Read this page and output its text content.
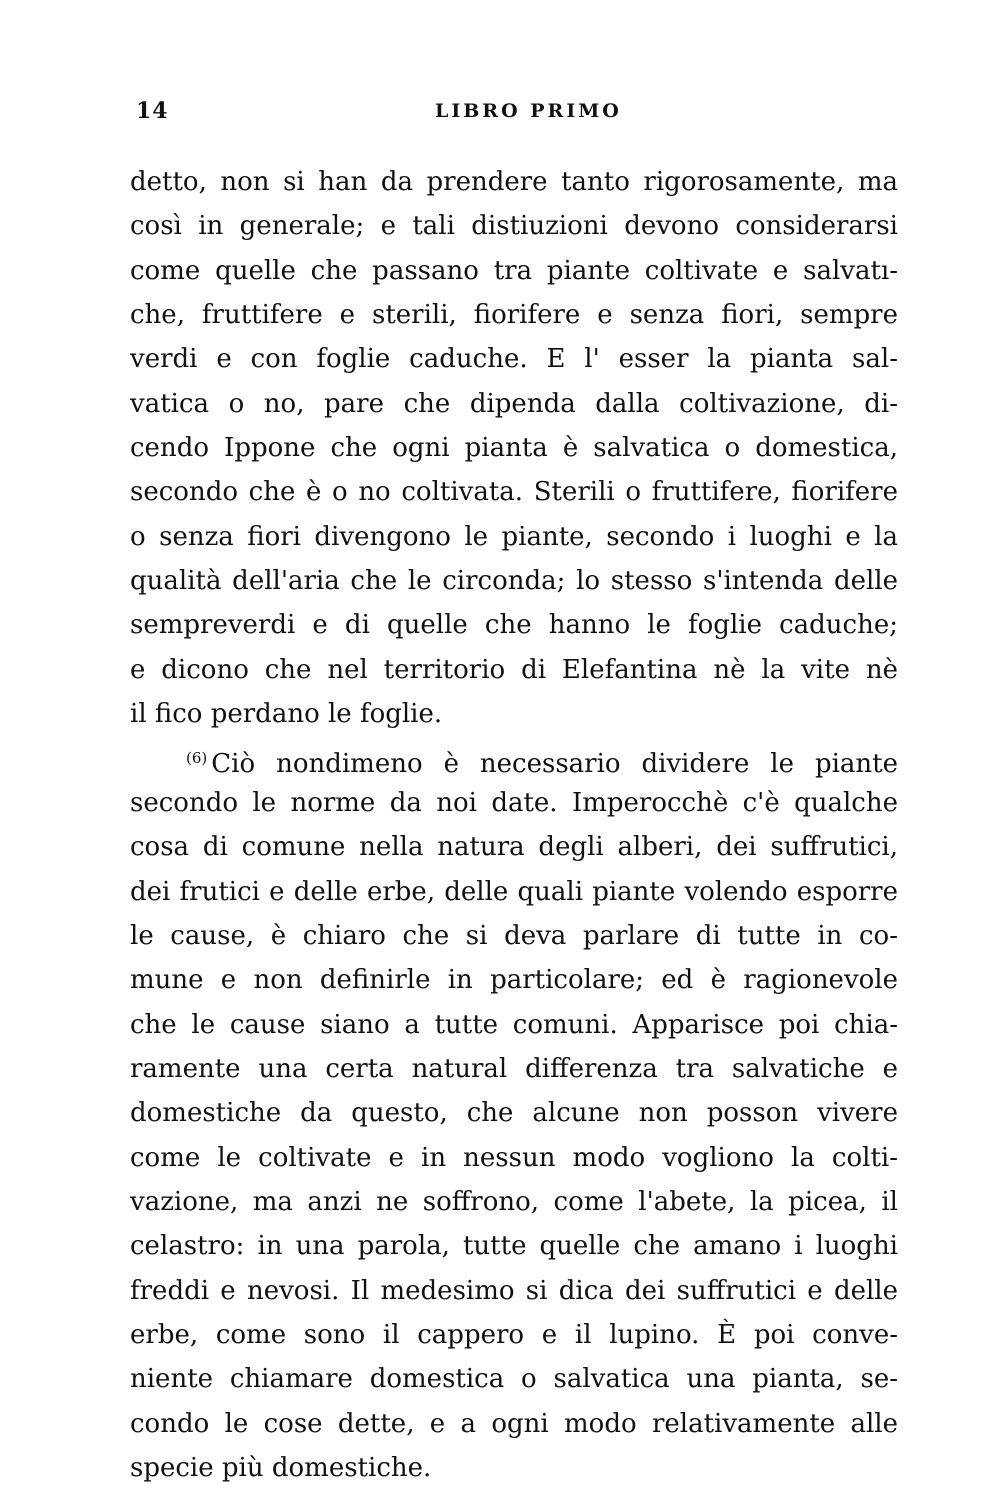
14	LIBRO PRIMO
detto, non si han da prendere tanto rigorosamente, ma
così in generale; e tali distiuzioni devono considerarsi
come quelle che passano tra piante coltivate e salvatı-
che, fruttifere e sterili, fiorifere e senza fiori, sempre
verdi e con foglie caduche. E l' esser la pianta sal-
vatica o no, pare che dipenda dalla coltivazione, di-
cendo Ippone che ogni pianta è salvatica o domestica,
secondo che è o no coltivata. Sterili o fruttifere, fiorifere
o senza fiori divengono le piante, secondo i luoghi e la
qualità dell'aria che le circonda; lo stesso s'intenda delle
sempreverdi e di quelle che hanno le foglie caduche;
e dicono che nel territorio di Elefantina nè la vite nè
il fico perdano le foglie.
$^{(6)}$ Ciò nondimeno è necessario dividere le piante
secondo le norme da noi date. Imperocchè c'è qualche
cosa di comune nella natura degli alberi, dei suffrutici,
dei frutici e delle erbe, delle quali piante volendo esporre
le cause, è chiaro che si deva parlare di tutte in co-
mune e non definirle in particolare; ed è ragionevole
che le cause siano a tutte comuni. Apparisce poi chia-
ramente una certa natural differenza tra salvatiche e
domestiche da questo, che alcune non posson vivere
come le coltivate e in nessun modo vogliono la colti-
vazione, ma anzi ne soffrono, come l'abete, la picea, il
celastro: in una parola, tutte quelle che amano i luoghi
freddi e nevosi. Il medesimo si dica dei suffrutici e delle
erbe, come sono il cappero e il lupino. È poi conve-
niente chiamare domestica o salvatica una pianta, se-
condo le cose dette, e a ogni modo relativamente alle
specie più domestiche.
